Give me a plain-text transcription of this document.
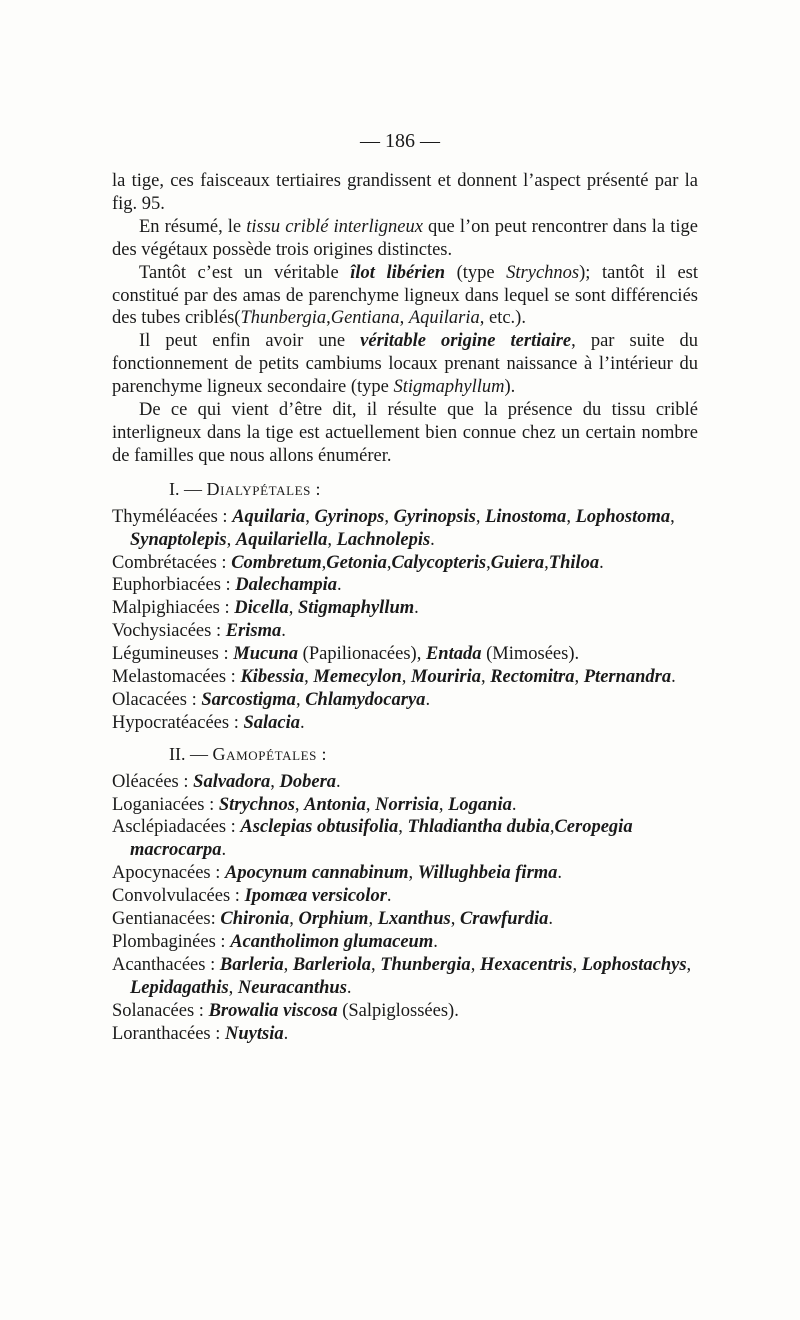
— 186 —

la tige, ces faisceaux tertiaires grandissent et donnent l’aspect présenté par la fig. 95.

En résumé, le tissu criblé interligneux que l’on peut rencontrer dans la tige des végétaux possède trois origines distinctes.

Tantôt c’est un véritable îlot libérien (type Strychnos); tantôt il est constitué par des amas de parenchyme ligneux dans lequel se sont différenciés des tubes criblés(Thunbergia,Gentiana, Aquilaria, etc.).

Il peut enfin avoir une véritable origine tertiaire, par suite du fonctionnement de petits cambiums locaux prenant naissance à l’intérieur du parenchyme ligneux secondaire (type Stigmaphyllum).

De ce qui vient d’être dit, il résulte que la présence du tissu criblé interligneux dans la tige est actuellement bien connue chez un certain nombre de familles que nous allons énumérer.

I. — Dialypétales :

Thyméléacées : Aquilaria, Gyrinops, Gyrinopsis, Linostoma, Lophostoma, Synaptolepis, Aquilariella, Lachnolepis.

Combrétacées : Combretum,Getonia,Calycopteris,Guiera,Thiloa.

Euphorbiacées : Dalechampia.

Malpighiacées : Dicella, Stigmaphyllum.

Vochysiacées : Erisma.

Légumineuses : Mucuna (Papilionacées), Entada (Mimosées).

Melastomacées : Kibessia, Memecylon, Mouriria, Rectomitra, Pternandra.

Olacacées : Sarcostigma, Chlamydocarya.

Hypocratéacées : Salacia.

II. — Gamopétales :

Oléacées : Salvadora, Dobera.

Loganiacées : Strychnos, Antonia, Norrisia, Logania.

Asclépiadacées : Asclepias obtusifolia, Thladiantha dubia,Ceropegia macrocarpa.

Apocynacées : Apocynum cannabinum, Willughbeia firma.

Convolvulacées : Ipomæa versicolor.

Gentianacées: Chironia, Orphium, Lxanthus, Crawfurdia.

Plombaginées : Acantholimon glumaceum.

Acanthacées : Barleria, Barleriola, Thunbergia, Hexacentris, Lophostachys, Lepidagathis, Neuracanthus.

Solanacées : Browalia viscosa (Salpiglossées).

Loranthacées : Nuytsia.
